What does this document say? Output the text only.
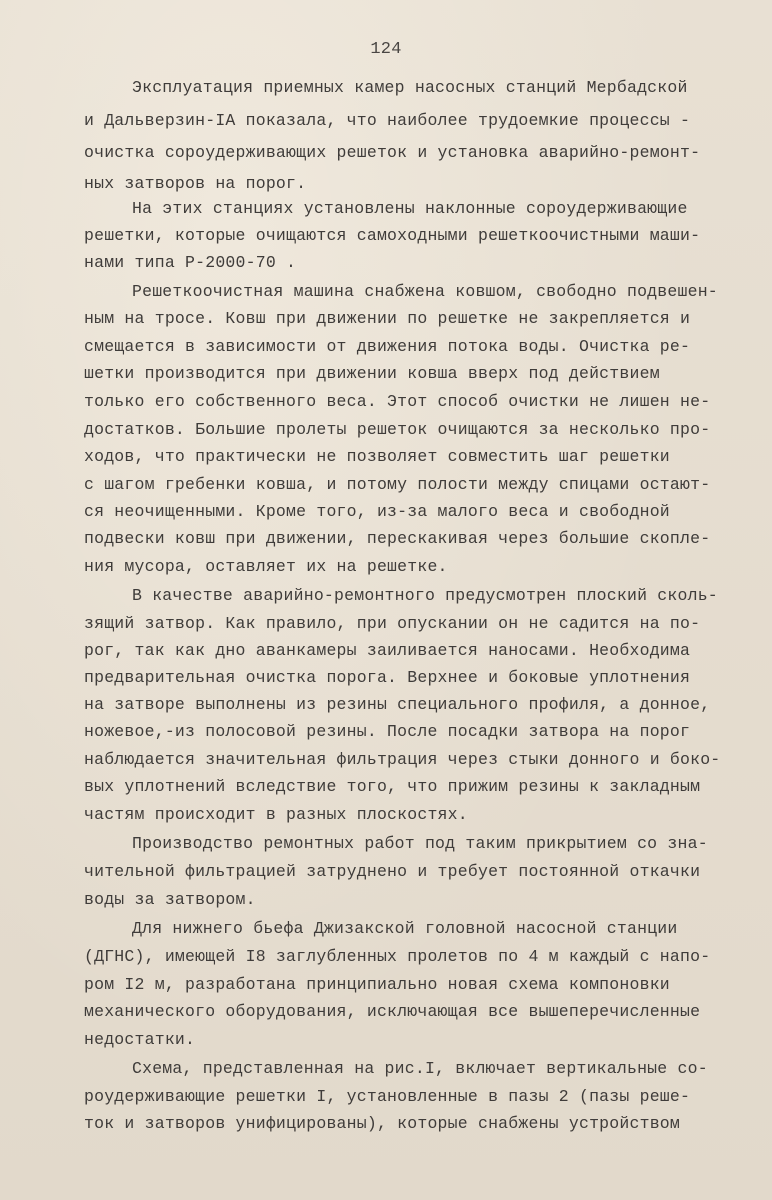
124
Эксплуатация приемных камер насосных станций Мербадской
и Дальверзин-IA показала, что наиболее трудоемкие процессы -
очистка сороудерживающих решеток и установка аварийно-ремонт-
ных затворов на порог.
На этих станциях установлены наклонные сороудерживающие
решетки, которые очищаются самоходными решеткоочистными маши-
нами типа Р-2000-70 .
Решеткоочистная машина снабжена ковшом, свободно подвешен-
ным на тросе. Ковш при движении по решетке не закрепляется и
смещается в зависимости от движения потока воды. Очистка ре-
шетки производится при движении ковша вверх под действием
только его собственного веса. Этот способ очистки не лишен не-
достатков. Большие пролеты решеток очищаются за несколько про-
ходов, что практически не позволяет совместить шаг решетки
с шагом гребенки ковша, и потому полости между спицами остают-
ся неочищенными. Кроме того, из-за малого веса и свободной
подвески ковш при движении, перескакивая через большие скопле-
ния мусора, оставляет их на решетке.
В качестве аварийно-ремонтного предусмотрен плоский сколь-
зящий затвор. Как правило, при опускании он не садится на по-
рог, так как дно аванкамеры заиливается наносами. Необходима
предварительная очистка порога. Верхнее и боковые уплотнения
на затворе выполнены из резины специального профиля, а донное,
ножевое,-из полосовой резины. После посадки затвора на порог
наблюдается значительная фильтрация через стыки донного и боко-
вых уплотнений вследствие того, что прижим резины к закладным
частям происходит в разных плоскостях.
Производство ремонтных работ под таким прикрытием со зна-
чительной фильтрацией затруднено и требует постоянной откачки
воды за затвором.
Для нижнего бьефа Джизакской головной насосной станции
(ДГНС), имеющей I8 заглубленных пролетов по 4 м каждый с напо-
ром I2 м, разработана принципиально новая схема компоновки
механического оборудования, исключающая все вышеперечисленные
недостатки.
Схема, представленная на рис.I, включает вертикальные со-
роудерживающие решетки I, установленные в пазы 2 (пазы реше-
ток и затворов унифицированы), которые снабжены устройством
